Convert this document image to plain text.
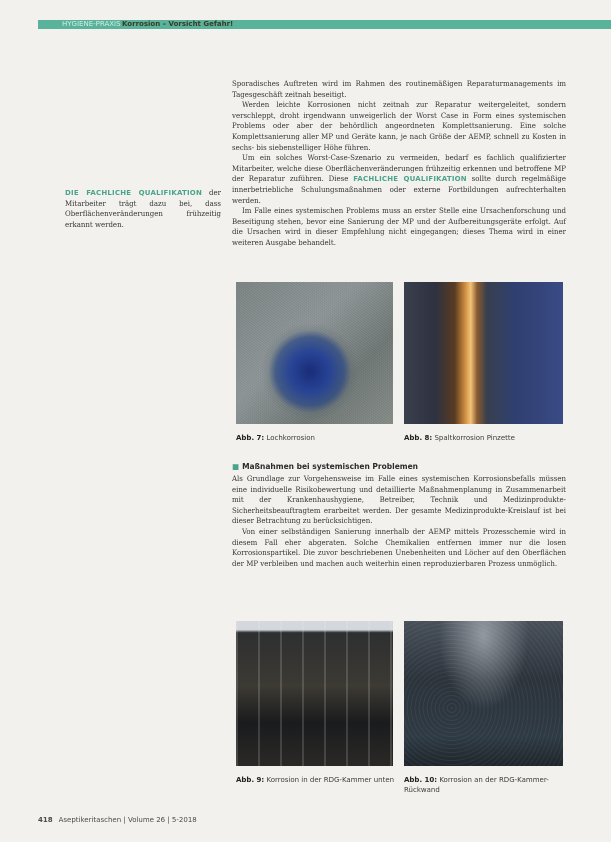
HYGIENE-PRAXIS Korrosion – Vorsicht Gefahr!

Sporadisches Auftreten wird im Rahmen des routinemäßigen Reparaturmanagements im Tagesgeschäft zeitnah beseitigt.

Werden leichte Korrosionen nicht zeitnah zur Reparatur weitergeleitet, sondern verschleppt, droht irgendwann unweigerlich der Worst Case in Form eines systemischen Problems oder aber der behördlich angeordneten Komplettsanierung. Eine solche Komplettsanierung aller MP und Geräte kann, je nach Größe der AEMP, schnell zu Kosten in sechs- bis siebenstelliger Höhe führen.

Um ein solches Worst-Case-Szenario zu vermeiden, bedarf es fachlich qualifizierter Mitarbeiter, welche diese Oberflächenveränderungen frühzeitig erkennen und betroffene MP der Reparatur zuführen. Diese FACHLICHE QUALIFIKATION sollte durch regelmäßige innerbetriebliche Schulungsmaßnahmen oder externe Fortbildungen aufrechterhalten werden.

Im Falle eines systemischen Problems muss an erster Stelle eine Ursachenforschung und Beseitigung stehen, bevor eine Sanierung der MP und der Aufbereitungsgeräte erfolgt. Auf die Ursachen wird in dieser Empfehlung nicht eingegangen; dieses Thema wird in einer weiteren Ausgabe behandelt.

DIE FACHLICHE QUALIFIKATION der Mitarbeiter trägt dazu bei, dass Oberflächenveränderungen frühzeitig erkannt werden.
Abb. 7: Lochkorrosion	Abb. 8: Spaltkorrosion Pinzette
■ Maßnahmen bei systemischen Problemen

Als Grundlage zur Vorgehensweise im Falle eines systemischen Korrosionsbefalls müssen eine individuelle Risikobewertung und detaillierte Maßnahmenplanung in Zusammenarbeit mit der Krankenhaushygiene, Betreiber, Technik und Medizinprodukte-Sicherheitsbeauftragtem erarbeitet werden. Der gesamte Medizinprodukte-Kreislauf ist bei dieser Betrachtung zu berücksichtigen.

Von einer selbständigen Sanierung innerhalb der AEMP mittels Prozesschemie wird in diesem Fall eher abgeraten. Solche Chemikalien entfernen immer nur die losen Korrosionspartikel. Die zuvor beschriebenen Unebenheiten und Löcher auf den Oberflächen der MP verbleiben und machen auch weiterhin einen reproduzierbaren Prozess unmöglich.

Abb. 9: Korrosion in der RDG-Kammer unten Abb. 10: Korrosion an der RDG-Kammer-Rückwand
418 Aseptikeritaschen | Volume 26 | 5-2018
